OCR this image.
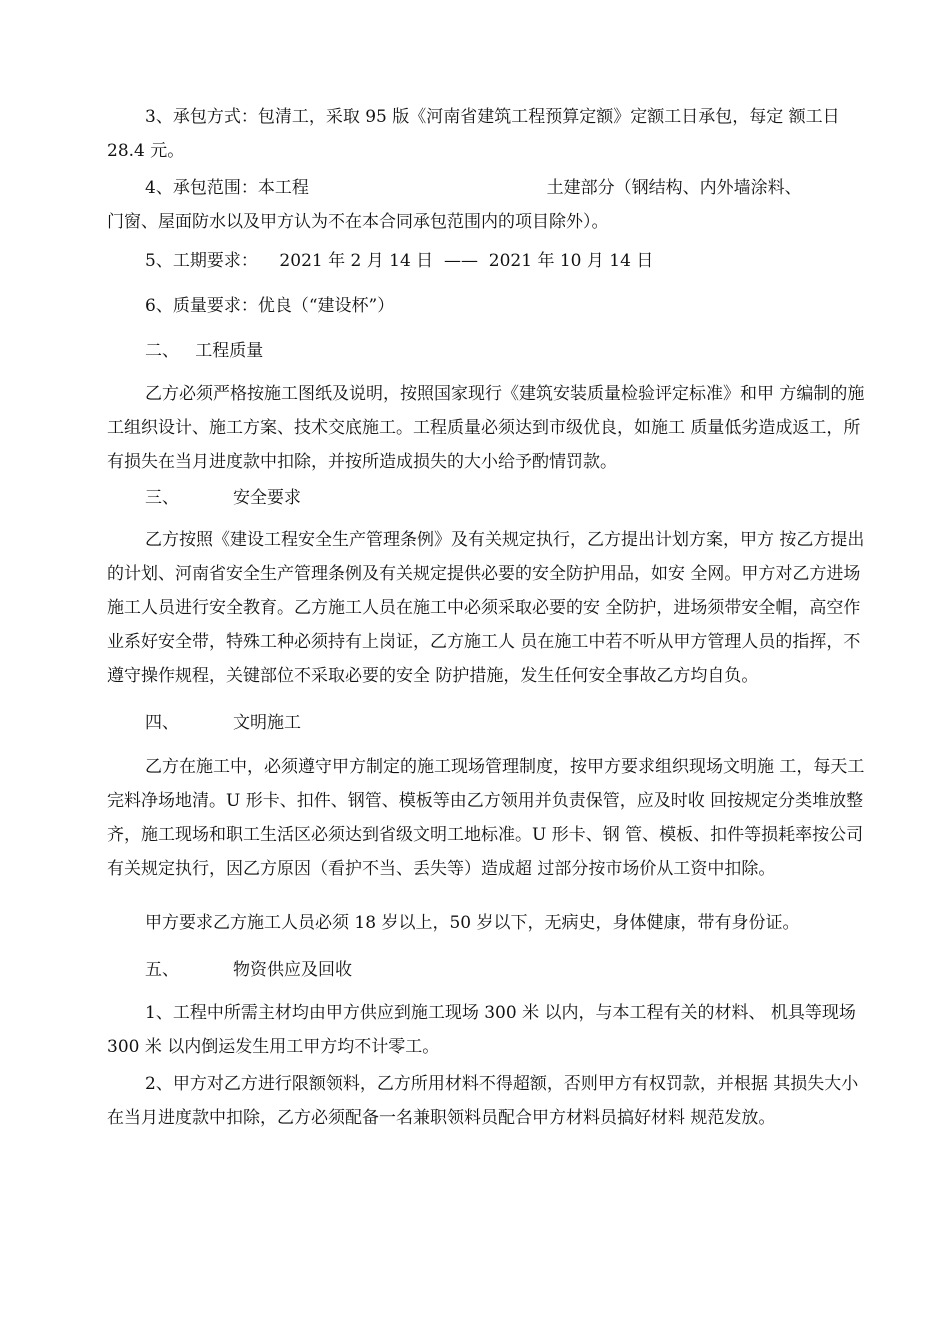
3、承包方式：包清工，采取 95 版《河南省建筑工程预算定额》定额工日承包，每定 额工日 28.4 元。

4、承包范围：本工程                                            土建部分（钢结构、内外墙涂料、
门窗、屋面防水以及甲方认为不在本合同承包范围内的项目除外）。
5、工期要求：    2021 年 2 月 14 日  ——  2021 年 10 月 14 日
6、质量要求：优良（“建设杯”）
二、   工程质量

乙方必须严格按施工图纸及说明，按照国家现行《建筑安装质量检验评定标准》和甲 方编制的施工组织设计、施工方案、技术交底施工。工程质量必须达到市级优良，如施工 质量低劣造成返工，所有损失在当月进度款中扣除，并按所造成损失的大小给予酌情罚款。

三、          安全要求

乙方按照《建设工程安全生产管理条例》及有关规定执行，乙方提出计划方案，甲方 按乙方提出的计划、河南省安全生产管理条例及有关规定提供必要的安全防护用品，如安 全网。甲方对乙方进场施工人员进行安全教育。乙方施工人员在施工中必须采取必要的安 全防护，进场须带安全帽，高空作业系好安全带，特殊工种必须持有上岗证，乙方施工人 员在施工中若不听从甲方管理人员的指挥，不遵守操作规程，关键部位不采取必要的安全 防护措施，发生任何安全事故乙方均自负。

四、          文明施工

乙方在施工中，必须遵守甲方制定的施工现场管理制度，按甲方要求组织现场文明施 工，每天工完料净场地清。U 形卡、扣件、钢管、模板等由乙方领用并负责保管，应及时收 回按规定分类堆放整齐，施工现场和职工生活区必须达到省级文明工地标准。U 形卡、钢 管、模板、扣件等损耗率按公司有关规定执行，因乙方原因（看护不当、丢失等）造成超 过部分按市场价从工资中扣除。

甲方要求乙方施工人员必须 18 岁以上，50 岁以下，无病史，身体健康，带有身份证。

五、          物资供应及回收

1、工程中所需主材均由甲方供应到施工现场 300 米 以内，与本工程有关的材料、 机具等现场 300 米 以内倒运发生用工甲方均不计零工。

2、甲方对乙方进行限额领料，乙方所用材料不得超额，否则甲方有权罚款，并根据 其损失大小在当月进度款中扣除，乙方必须配备一名兼职领料员配合甲方材料员搞好材料 规范发放。
